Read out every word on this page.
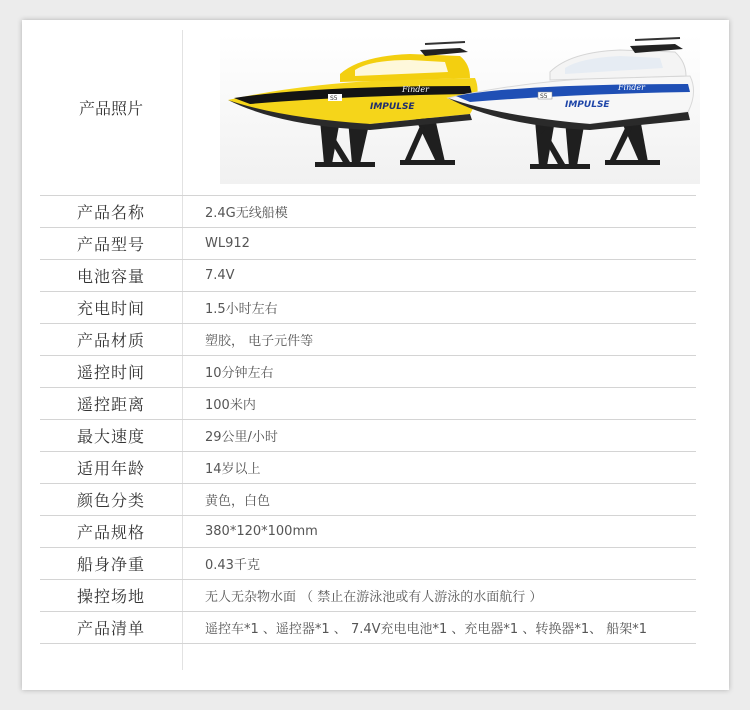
产品照片	IMPULSE
Finder
S5
IMPULSE
Finder
S5
产品名称	2.4G无线船模
产品型号	WL912
电池容量	7.4V
充电时间	1.5小时左右
产品材质	塑胶， 电子元件等
遥控时间	10分钟左右
遥控距离	100米内
最大速度	29公里/小时
适用年龄	14岁以上
颜色分类	黄色，白色
产品规格	380*120*100mm
船身净重	0.43千克
操控场地	无人无杂物水面 （ 禁止在游泳池或有人游泳的水面航行 ）
产品清单	遥控车*1 、遥控器*1 、 7.4V充电电池*1 、充电器*1 、转换器*1、 船架*1
